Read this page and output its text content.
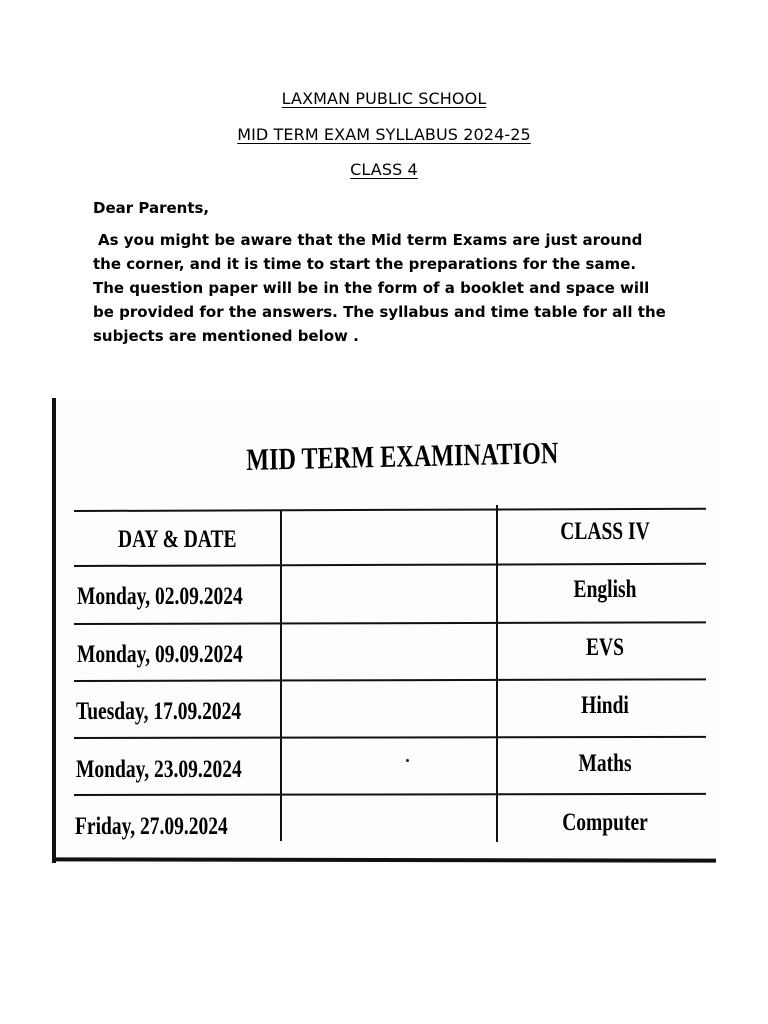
LAXMAN PUBLIC SCHOOL
MID TERM EXAM SYLLABUS 2024-25
CLASS 4
Dear Parents,
As you might be aware that the Mid term Exams are just around
the corner, and it is time to start the preparations for the same.
The question paper will be in the form of a booklet and space will
be provided for the answers. The syllabus and time table for all the
subjects are mentioned below .
MID TERM EXAMINATION
DAY & DATE	CLASS IV
Monday, 02.09.2024	English
Monday, 09.09.2024	EVS
Tuesday, 17.09.2024	Hindi
Monday, 23.09.2024	Maths
Friday, 27.09.2024	Computer
